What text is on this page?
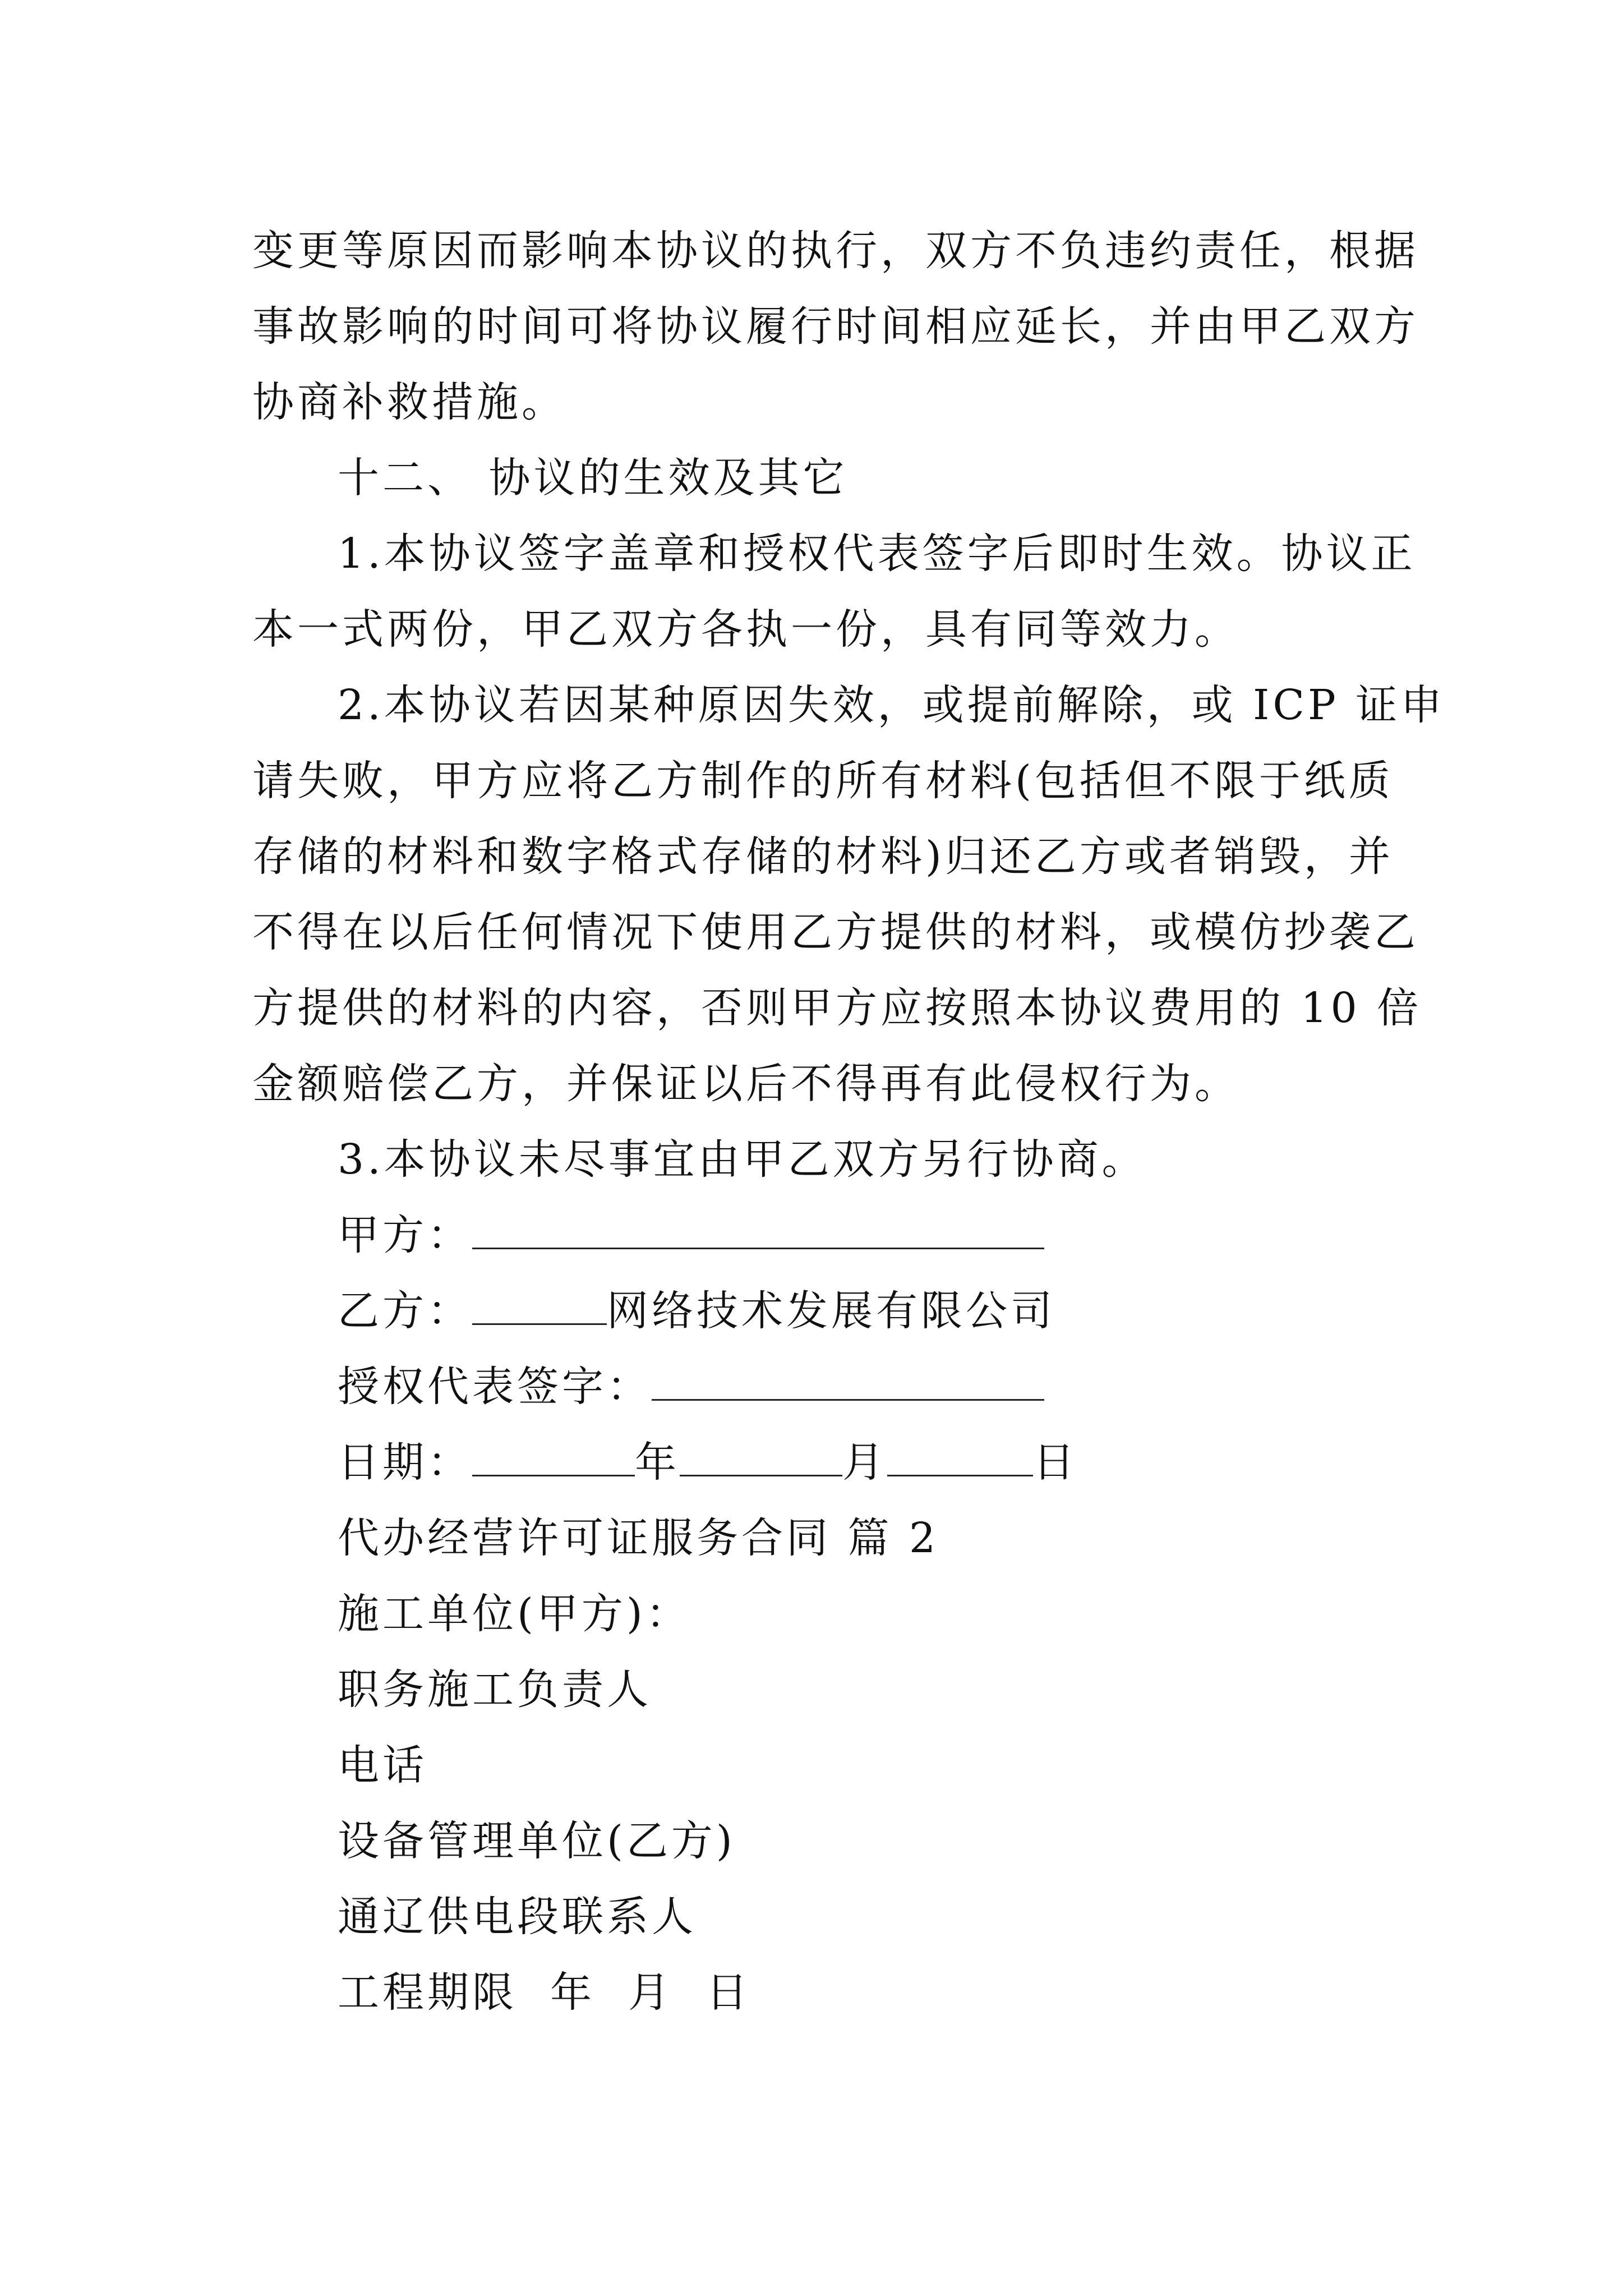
变更等原因而影响本协议的执行，双方不负违约责任，根据
事故影响的时间可将协议履行时间相应延长，并由甲乙双方
协商补救措施。

十二、 协议的生效及其它

1.本协议签字盖章和授权代表签字后即时生效。协议正
本一式两份，甲乙双方各执一份，具有同等效力。

2.本协议若因某种原因失效，或提前解除，或 ICP 证申
请失败，甲方应将乙方制作的所有材料(包括但不限于纸质
存储的材料和数字格式存储的材料)归还乙方或者销毁，并
不得在以后任何情况下使用乙方提供的材料，或模仿抄袭乙
方提供的材料的内容，否则甲方应按照本协议费用的 10 倍
金额赔偿乙方，并保证以后不得再有此侵权行为。

3.本协议未尽事宜由甲乙双方另行协商。

甲方：
乙方：	网络技术发展有限公司
授权代表签字：
日期：	年	月	日
代办经营许可证服务合同 篇 2
施工单位(甲方)：
职务施工负责人
电话
设备管理单位(乙方)
通辽供电段联系人
工程期限  年  月  日
